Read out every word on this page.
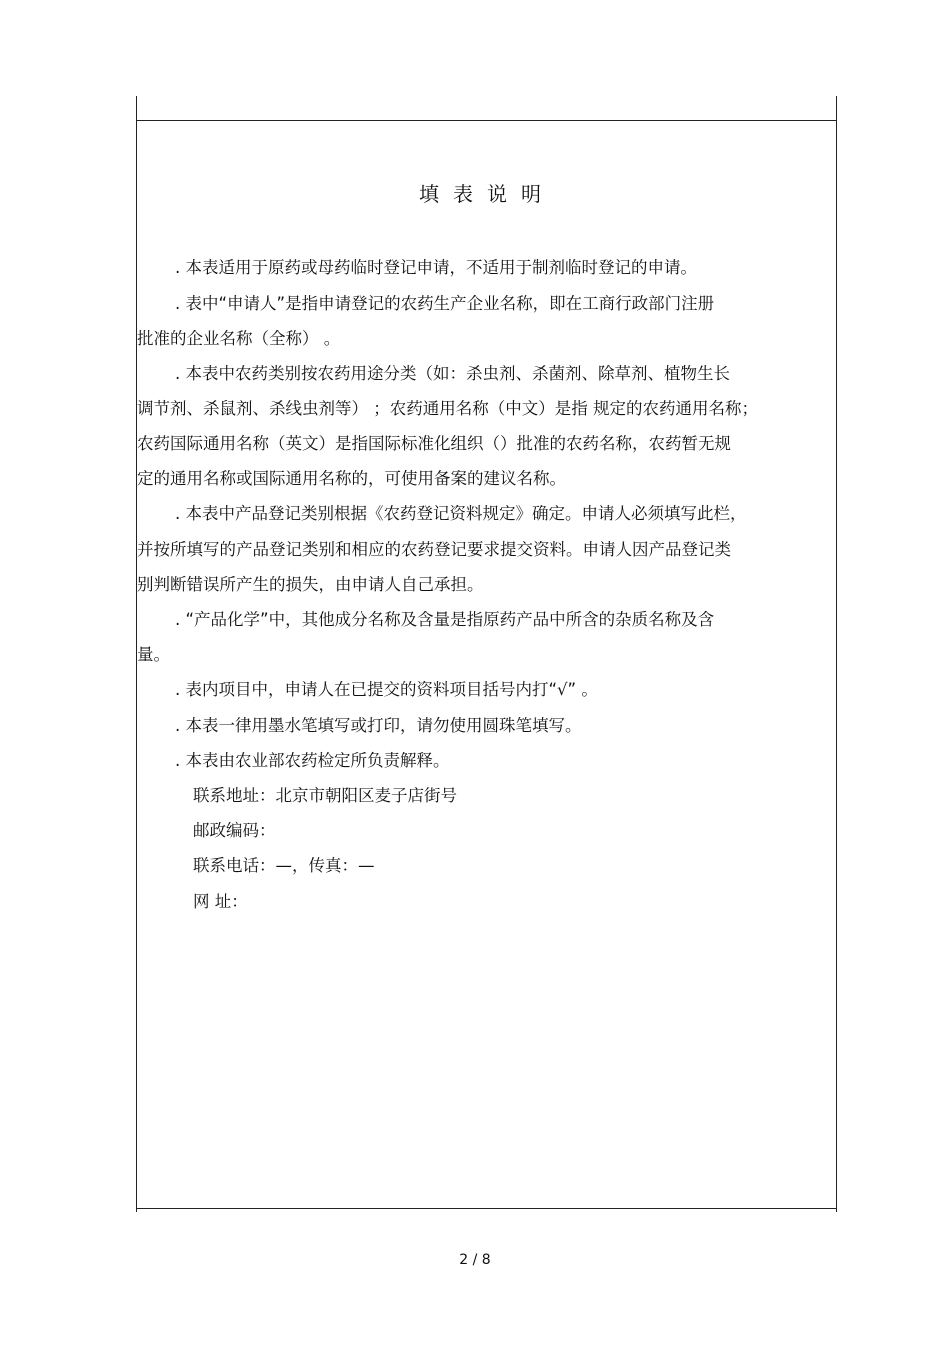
填表说明
. 本表适用于原药或母药临时登记申请，不适用于制剂临时登记的申请。
. 表中“申请人”是指申请登记的农药生产企业名称，即在工商行政部门注册
批准的企业名称（全称） 。
. 本表中农药类别按农药用途分类（如：杀虫剂、杀菌剂、除草剂、植物生长
调节剂、杀鼠剂、杀线虫剂等） ；农药通用名称（中文）是指 规定的农药通用名称；
农药国际通用名称（英文）是指国际标准化组织（）批准的农药名称，农药暂无规
定的通用名称或国际通用名称的，可使用备案的建议名称。
. 本表中产品登记类别根据《农药登记资料规定》确定。申请人必须填写此栏，
并按所填写的产品登记类别和相应的农药登记要求提交资料。申请人因产品登记类
别判断错误所产生的损失，由申请人自己承担。
. “产品化学”中，其他成分名称及含量是指原药产品中所含的杂质名称及含
量。
. 表内项目中，申请人在已提交的资料项目括号内打“√” 。
. 本表一律用墨水笔填写或打印，请勿使用圆珠笔填写。
. 本表由农业部农药检定所负责解释。
联系地址：北京市朝阳区麦子店街号
邮政编码：
联系电话：—，传真：—
网 址：
2 / 8
